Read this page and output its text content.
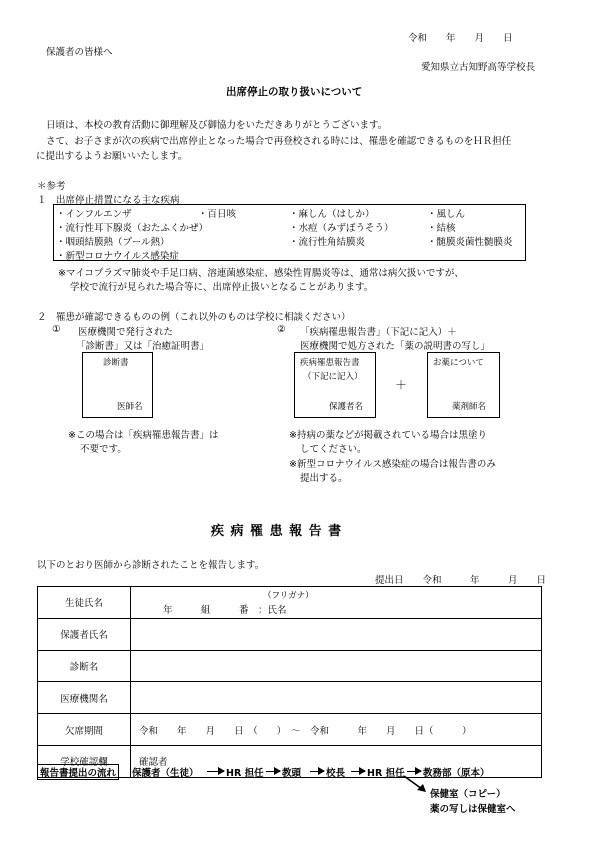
令和　　年　　月　　日
保護者の皆様へ
愛知県立古知野高等学校長
出席停止の取り扱いについて
日頃は、本校の教育活動に御理解及び御協力をいただきありがとうございます。
さて、お子さまが次の疾病で出席停止となった場合で再登校される時には、罹患を確認できるものをＨＲ担任
に提出するようお願いいたします。
＊参考
１　出席停止措置になる主な疾病
・インフルエンザ	・百日咳	・麻しん（はしか）	・風しん
・流行性耳下腺炎（おたふくかぜ）	・水痘（みずぼうそう）	・結核
・咽頭結膜熱（プール熱）	・流行性角結膜炎	・髄膜炎菌性髄膜炎
・新型コロナウイルス感染症
※マイコプラズマ肺炎や手足口病、溶連菌感染症、感染性胃腸炎等は、通常は病欠扱いですが、
学校で流行が見られた場合等に、出席停止扱いとなることがあります。
２　罹患が確認できるものの例（これ以外のものは学校に相談ください）
① 医療機関で発行された
「診断書」又は「治癒証明書」
診断書
医師名
※この場合は「疾病罹患報告書」は
不要です。
② 「疾病罹患報告書」（下記に記入）＋
医療機関で処方された「薬の説明書の写し」
疾病罹患報告書
（下記に記入）
保護者名
＋
お薬について
薬剤師名
※持病の薬などが掲載されている場合は黒塗り
してください。
※新型コロナウイルス感染症の場合は報告書のみ
提出する。
疾 病 罹 患 報 告 書
以下のとおり医師から診断されたことを報告します。
提出日　　令和　　　年　　　月　　日
生徒氏名	（フリガナ）
年　　　組　　　番　：氏名

保護者氏名	
診断名	
医療機関名	
欠席期間	令和　　年　　月　　日　（　　）　～　令和　　　年　　月　　日（　　　）
学校確認欄	確認者
報告書提出の流れ	保護者（生徒）	HR 担任 教頭	校長 HR 担任 教務部（原本）
保健室（コピー）
薬の写しは保健室へ
